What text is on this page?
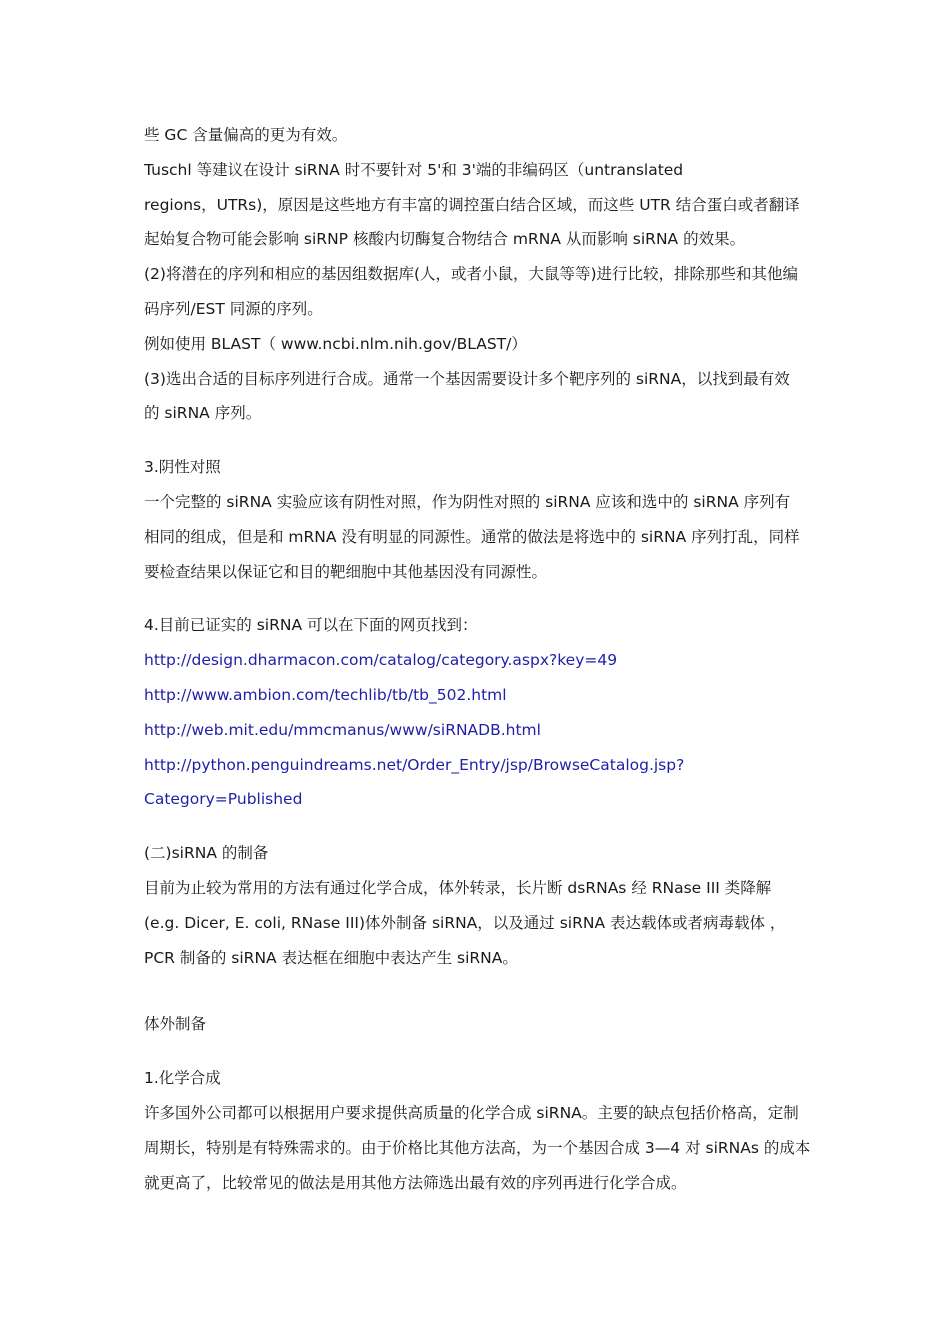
些 GC 含量偏高的更为有效。
Tuschl 等建议在设计 siRNA 时不要针对 5'和 3'端的非编码区（untranslated
regions，UTRs)，原因是这些地方有丰富的调控蛋白结合区域，而这些 UTR 结合蛋白或者翻译
起始复合物可能会影响 siRNP 核酸内切酶复合物结合 mRNA 从而影响 siRNA 的效果。
(2)将潜在的序列和相应的基因组数据库(人，或者小鼠，大鼠等等)进行比较，排除那些和其他编
码序列/EST 同源的序列。
例如使用 BLAST（ www.ncbi.nlm.nih.gov/BLAST/）
(3)选出合适的目标序列进行合成。通常一个基因需要设计多个靶序列的 siRNA，以找到最有效
的 siRNA 序列。
3.阴性对照
一个完整的 siRNA 实验应该有阴性对照，作为阴性对照的 siRNA 应该和选中的 siRNA 序列有
相同的组成，但是和 mRNA 没有明显的同源性。通常的做法是将选中的 siRNA 序列打乱，同样
要检查结果以保证它和目的靶细胞中其他基因没有同源性。
4.目前已证实的 siRNA 可以在下面的网页找到：
http://design.dharmacon.com/catalog/category.aspx?key=49
http://www.ambion.com/techlib/tb/tb_502.html
http://web.mit.edu/mmcmanus/www/siRNADB.html
http://python.penguindreams.net/Order_Entry/jsp/BrowseCatalog.jsp?
Category=Published
(二)siRNA 的制备
目前为止较为常用的方法有通过化学合成，体外转录，长片断 dsRNAs 经 RNase III 类降解
(e.g. Dicer, E. coli, RNase III)体外制备 siRNA，以及通过 siRNA 表达载体或者病毒载体 ，
PCR 制备的 siRNA 表达框在细胞中表达产生 siRNA。
体外制备
1.化学合成
许多国外公司都可以根据用户要求提供高质量的化学合成 siRNA。主要的缺点包括价格高，定制
周期长，特别是有特殊需求的。由于价格比其他方法高，为一个基因合成 3—4 对 siRNAs 的成本
就更高了，比较常见的做法是用其他方法筛选出最有效的序列再进行化学合成。
